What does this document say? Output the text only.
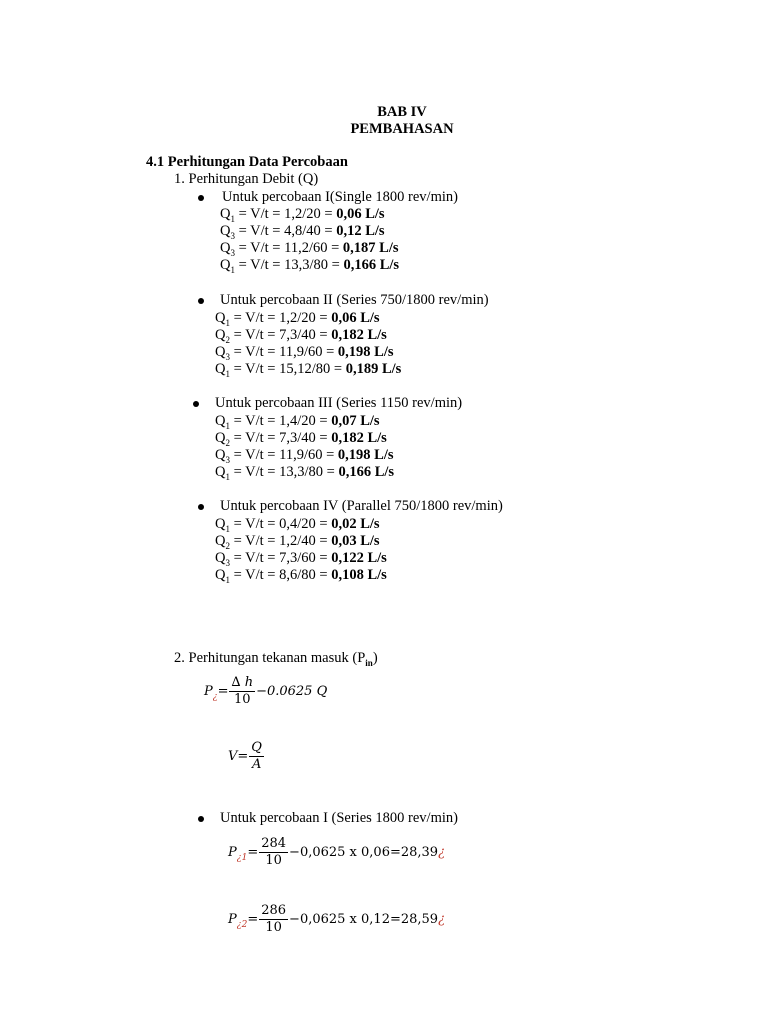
BAB IV
PEMBAHASAN
4.1 Perhitungan Data Percobaan
1. Perhitungan Debit (Q)
Untuk percobaan I(Single 1800 rev/min)
$Q_1 = V/t = 1,2/20 = 0,06$ L/s
$Q_3 = V/t = 4,8/40 = 0,12$ L/s
$Q_3 = V/t = 11,2/60 = 0,187$ L/s
$Q_1 = V/t = 13,3/80 = 0,166$ L/s
Untuk percobaan II (Series 750/1800 rev/min)
$Q_1 = V/t = 1,2/20 = 0,06$ L/s
$Q_2 = V/t = 7,3/40 = 0,182$ L/s
$Q_3 = V/t = 11,9/60 = 0,198$ L/s
$Q_1 = V/t = 15,12/80 = 0,189$ L/s
Untuk percobaan III (Series 1150 rev/min)
$Q_1 = V/t = 1,4/20 = 0,07$ L/s
$Q_2 = V/t = 7,3/40 = 0,182$ L/s
$Q_3 = V/t = 11,9/60 = 0,198$ L/s
$Q_1 = V/t = 13,3/80 = 0,166$ L/s
Untuk percobaan IV (Parallel 750/1800 rev/min)
$Q_1 = V/t = 0,4/20 = 0,02$ L/s
$Q_2 = V/t = 1,2/40 = 0,03$ L/s
$Q_3 = V/t = 7,3/60 = 0,122$ L/s
$Q_1 = V/t = 8,6/80 = 0,108$ L/s
2. Perhitungan tekanan masuk $(P_{in})$
$P_¿= \frac{\Delta h}{10} -0.0625$ Q
$V= \frac{Q}{A}$
Untuk percobaan I (Series 1800 rev/min)
$P_{¿1}= \frac{284}{10} -0,0625$ x 0,06=28,39¿
$P_{¿2}= \frac{286}{10} -0,0625$ x 0,12=28,59¿
